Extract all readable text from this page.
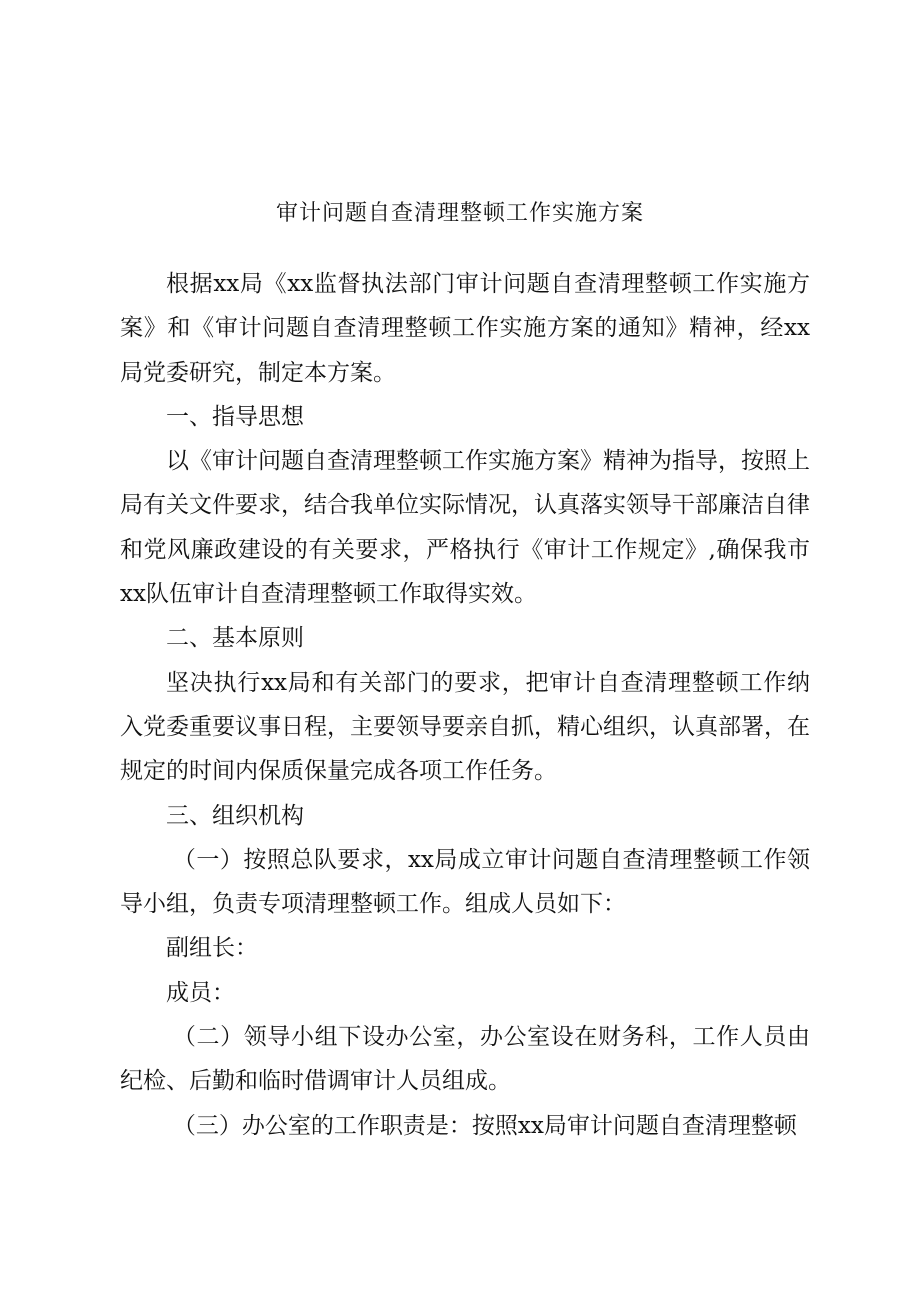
审计问题自查清理整顿工作实施方案

根据xx局《xx监督执法部门审计问题自查清理整顿工作实施方案》和《审计问题自查清理整顿工作实施方案的通知》精神，经xx局党委研究，制定本方案。

一、指导思想

以《审计问题自查清理整顿工作实施方案》精神为指导，按照上局有关文件要求，结合我单位实际情况，认真落实领导干部廉洁自律和党风廉政建设的有关要求，严格执行《审计工作规定》,确保我市xx队伍审计自查清理整顿工作取得实效。

二、基本原则

坚决执行xx局和有关部门的要求，把审计自查清理整顿工作纳入党委重要议事日程，主要领导要亲自抓，精心组织，认真部署，在规定的时间内保质保量完成各项工作任务。

三、组织机构

（一）按照总队要求，xx局成立审计问题自查清理整顿工作领导小组，负责专项清理整顿工作。组成人员如下：

副组长：

成员：

（二）领导小组下设办公室，办公室设在财务科，工作人员由纪检、后勤和临时借调审计人员组成。

（三）办公室的工作职责是：按照xx局审计问题自查清理整顿
